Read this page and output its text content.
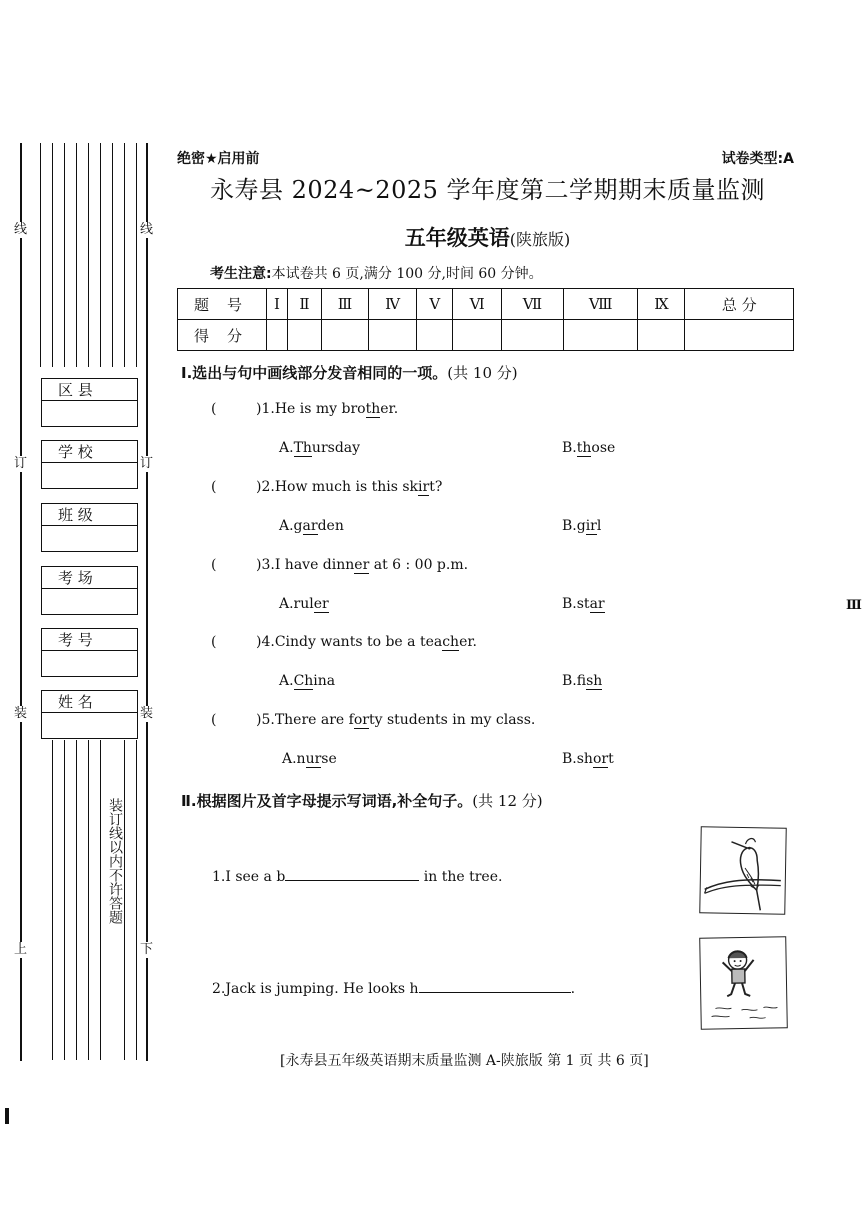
线
订
装
上
线
订
装
下
区 县
学 校
班 级
考 场
考 号
姓 名
装订线以内不许答题
绝密★启用前	试卷类型:A
永寿县 2024~2025 学年度第二学期期末质量监测
五年级英语(陕旅版)
考生注意:本试卷共 6 页,满分 100 分,时间 60 分钟。
题号	I	Ⅱ	Ⅲ	Ⅳ	V	Ⅵ	Ⅶ	Ⅷ	Ⅸ	总 分
得分										
Ⅰ.选出与句中画线部分发音相同的一项。(共 10 分)
(	)1.He is my brother.
A.Thursday	B.those
(	)2.How much is this skirt?
A.garden	B.girl
(	)3.I have dinner at 6 : 00 p.m.
A.ruler	B.star
(	)4.Cindy wants to be a teacher.
A.China	B.fish
(	)5.There are forty students in my class.
A.nurse	B.short
Ⅱ.根据图片及首字母提示写词语,补全句子。(共 12 分)
1.I see a b	in the tree.
2.Jack is jumping. He looks h	.
[永寿县五年级英语期末质量监测 A-陕旅版 第 1 页 共 6 页]
Ⅲ
